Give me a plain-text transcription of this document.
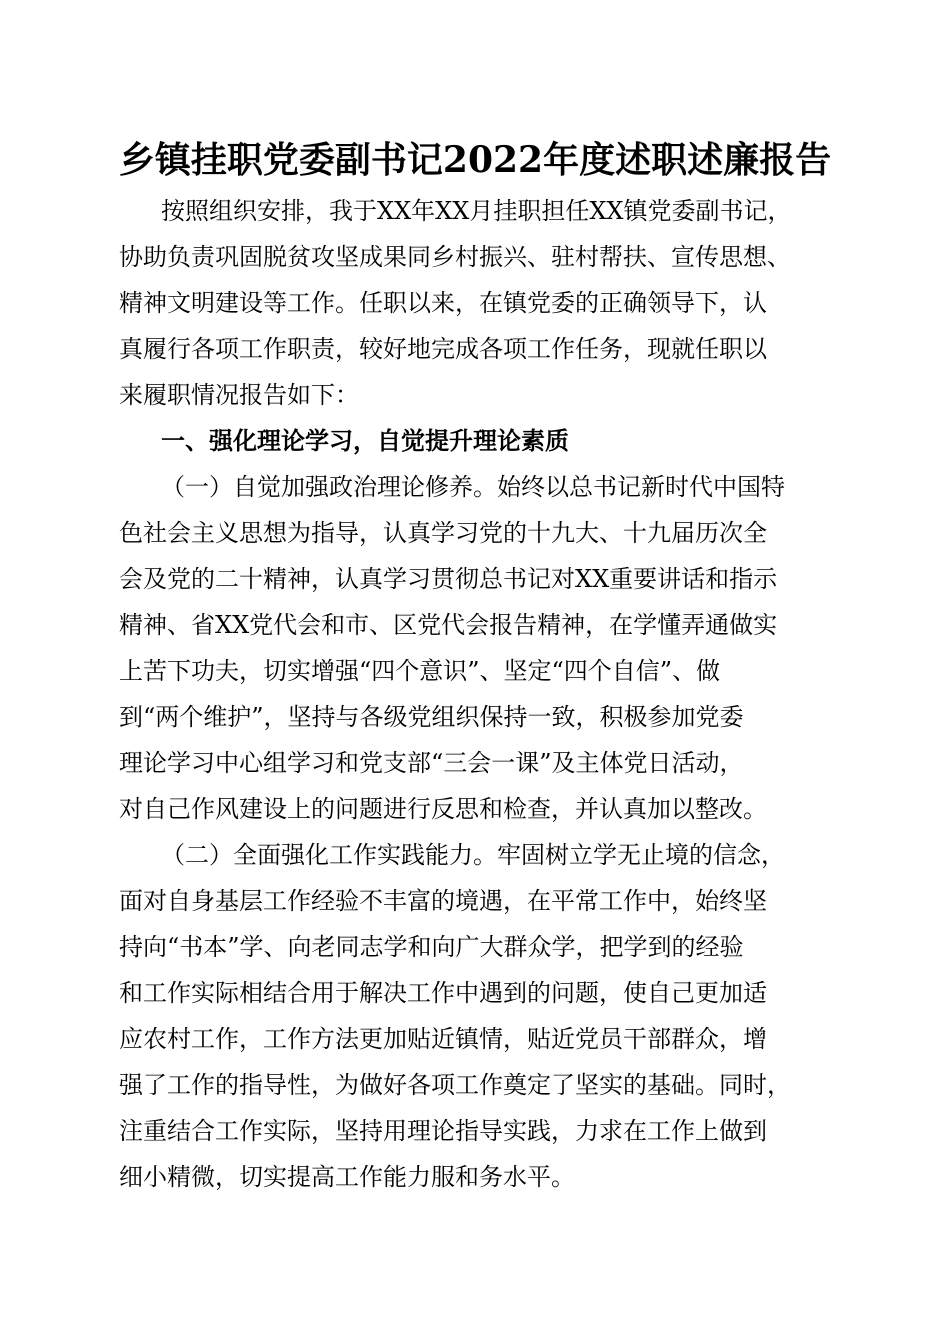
乡镇挂职党委副书记2022年度述职述廉报告
按照组织安排，我于XX年XX月挂职担任XX镇党委副书记，
协助负责巩固脱贫攻坚成果同乡村振兴、驻村帮扶、宣传思想、
精神文明建设等工作。任职以来，在镇党委的正确领导下，认
真履行各项工作职责，较好地完成各项工作任务，现就任职以
来履职情况报告如下：
一、强化理论学习，自觉提升理论素质
（一）自觉加强政治理论修养。始终以总书记新时代中国特
色社会主义思想为指导，认真学习党的十九大、十九届历次全
会及党的二十精神，认真学习贯彻总书记对XX重要讲话和指示
精神、省XX党代会和市、区党代会报告精神，在学懂弄通做实
上苦下功夫，切实增强“四个意识”、坚定“四个自信”、做
到“两个维护”，坚持与各级党组织保持一致，积极参加党委
理论学习中心组学习和党支部“三会一课”及主体党日活动，
对自己作风建设上的问题进行反思和检查，并认真加以整改。
（二）全面强化工作实践能力。牢固树立学无止境的信念，
面对自身基层工作经验不丰富的境遇，在平常工作中，始终坚
持向“书本”学、向老同志学和向广大群众学，把学到的经验
和工作实际相结合用于解决工作中遇到的问题，使自己更加适
应农村工作，工作方法更加贴近镇情，贴近党员干部群众，增
强了工作的指导性，为做好各项工作奠定了坚实的基础。同时，
注重结合工作实际，坚持用理论指导实践，力求在工作上做到
细小精微，切实提高工作能力服和务水平。
